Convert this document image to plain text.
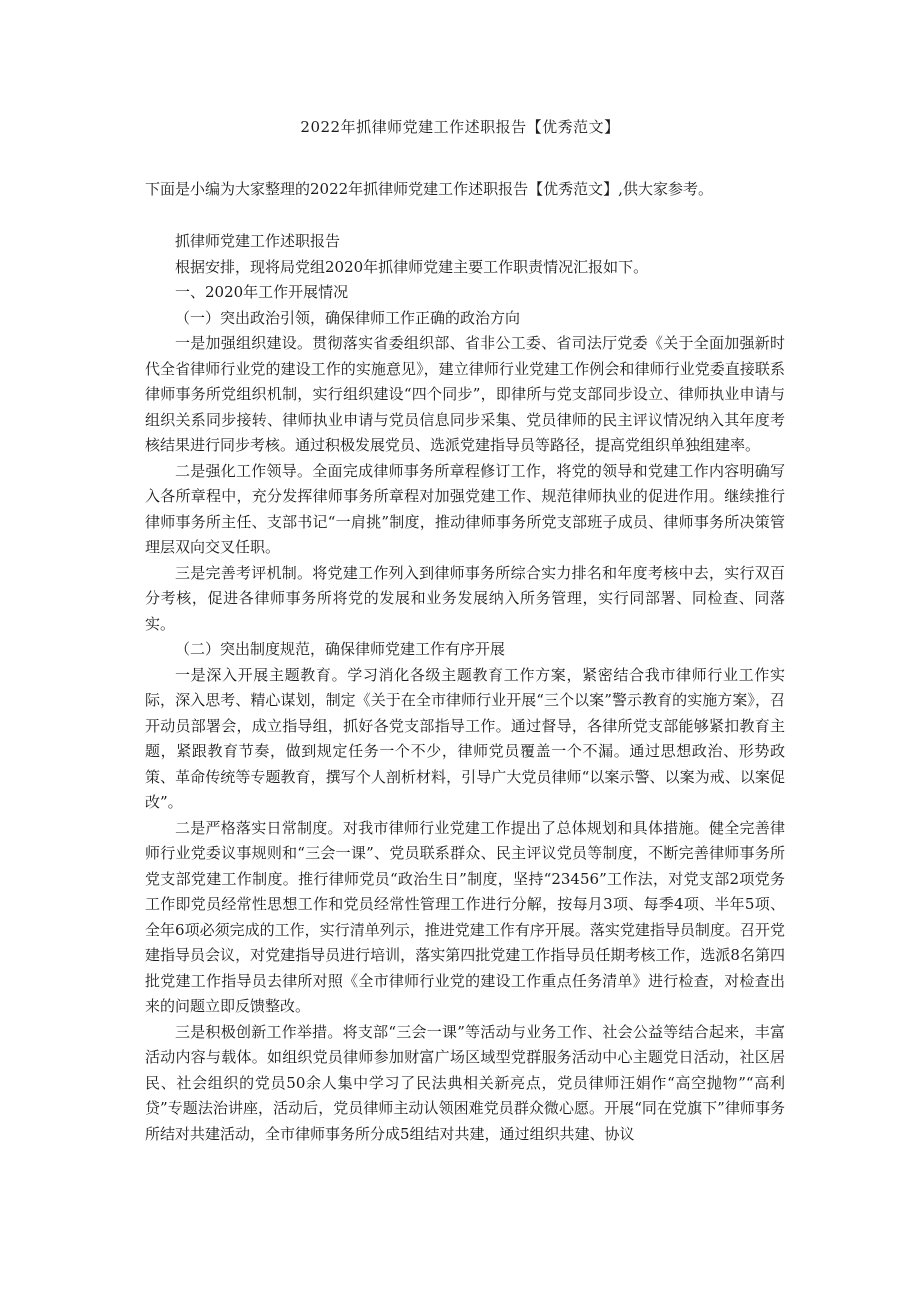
2022年抓律师党建工作述职报告【优秀范文】
下面是小编为大家整理的2022年抓律师党建工作述职报告【优秀范文】,供大家参考。

抓律师党建工作述职报告

根据安排，现将局党组2020年抓律师党建主要工作职责情况汇报如下。

一、2020年工作开展情况

（一）突出政治引领，确保律师工作正确的政治方向

一是加强组织建设。贯彻落实省委组织部、省非公工委、省司法厅党委《关于全面加强新时代全省律师行业党的建设工作的实施意见》，建立律师行业党建工作例会和律师行业党委直接联系律师事务所党组织机制，实行组织建设“四个同步”，即律所与党支部同步设立、律师执业申请与组织关系同步接转、律师执业申请与党员信息同步采集、党员律师的民主评议情况纳入其年度考核结果进行同步考核。通过积极发展党员、选派党建指导员等路径，提高党组织单独组建率。

二是强化工作领导。全面完成律师事务所章程修订工作，将党的领导和党建工作内容明确写入各所章程中，充分发挥律师事务所章程对加强党建工作、规范律师执业的促进作用。继续推行律师事务所主任、支部书记“一肩挑”制度，推动律师事务所党支部班子成员、律师事务所决策管理层双向交叉任职。

三是完善考评机制。将党建工作列入到律师事务所综合实力排名和年度考核中去，实行双百分考核，促进各律师事务所将党的发展和业务发展纳入所务管理，实行同部署、同检查、同落实。

（二）突出制度规范，确保律师党建工作有序开展

一是深入开展主题教育。学习消化各级主题教育工作方案，紧密结合我市律师行业工作实际，深入思考、精心谋划，制定《关于在全市律师行业开展“三个以案”警示教育的实施方案》，召开动员部署会，成立指导组，抓好各党支部指导工作。通过督导，各律所党支部能够紧扣教育主题，紧跟教育节奏，做到规定任务一个不少，律师党员覆盖一个不漏。通过思想政治、形势政策、革命传统等专题教育，撰写个人剖析材料，引导广大党员律师“以案示警、以案为戒、以案促改”。

二是严格落实日常制度。对我市律师行业党建工作提出了总体规划和具体措施。健全完善律师行业党委议事规则和“三会一课”、党员联系群众、民主评议党员等制度，不断完善律师事务所党支部党建工作制度。推行律师党员“政治生日”制度，坚持“23456”工作法，对党支部2项党务工作即党员经常性思想工作和党员经常性管理工作进行分解，按每月3项、每季4项、半年5项、全年6项必须完成的工作，实行清单列示，推进党建工作有序开展。落实党建指导员制度。召开党建指导员会议，对党建指导员进行培训，落实第四批党建工作指导员任期考核工作，选派8名第四批党建工作指导员去律所对照《全市律师行业党的建设工作重点任务清单》进行检查，对检查出来的问题立即反馈整改。

三是积极创新工作举措。将支部“三会一课”等活动与业务工作、社会公益等结合起来，丰富活动内容与载体。如组织党员律师参加财富广场区域型党群服务活动中心主题党日活动，社区居民、社会组织的党员50余人集中学习了民法典相关新亮点，党员律师汪娟作“高空抛物”“高利贷”专题法治讲座，活动后，党员律师主动认领困难党员群众微心愿。开展“同在党旗下”律师事务所结对共建活动，全市律师事务所分成5组结对共建，通过组织共建、协议
